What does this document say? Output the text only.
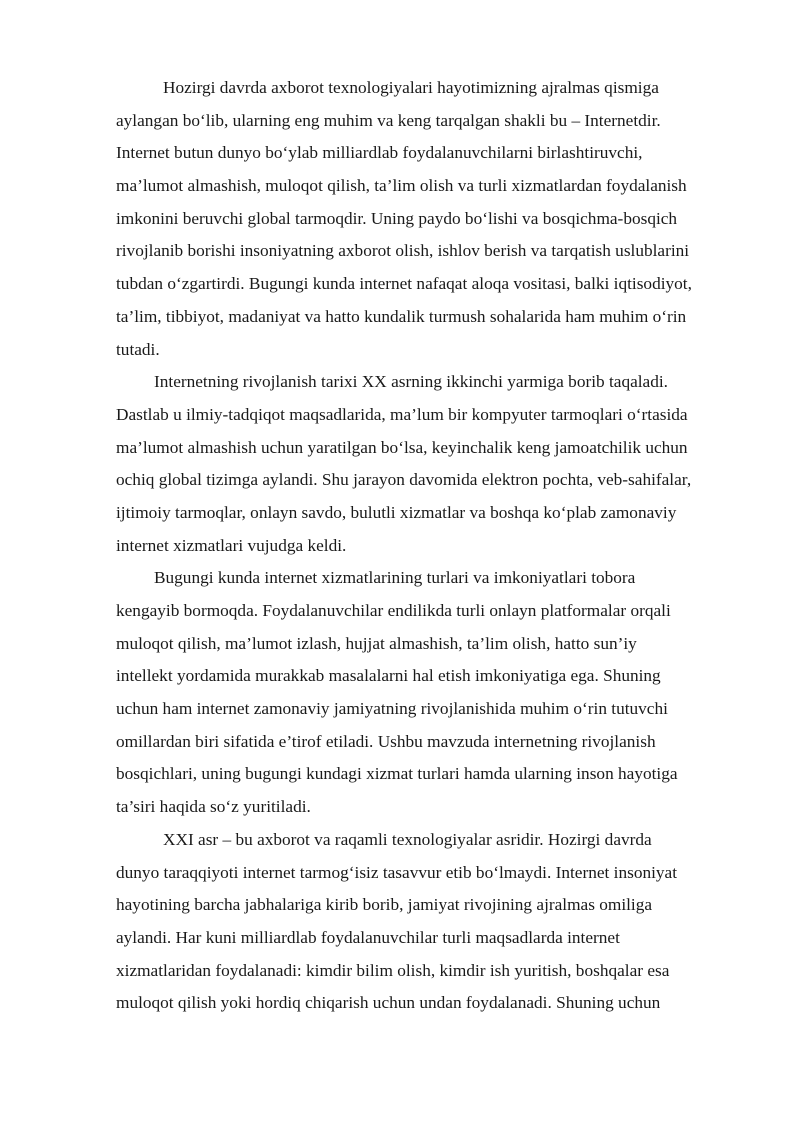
Hozirgi davrda axborot texnologiyalari hayotimizning ajralmas qismiga
aylangan bo‘lib, ularning eng muhim va keng tarqalgan shakli bu – Internetdir.
Internet butun dunyo bo‘ylab milliardlab foydalanuvchilarni birlashtiruvchi,
ma’lumot almashish, muloqot qilish, ta’lim olish va turli xizmatlardan foydalanish
imkonini beruvchi global tarmoqdir. Uning paydo bo‘lishi va bosqichma-bosqich
rivojlanib borishi insoniyatning axborot olish, ishlov berish va tarqatish uslublarini
tubdan o‘zgartirdi. Bugungi kunda internet nafaqat aloqa vositasi, balki iqtisodiyot,
ta’lim, tibbiyot, madaniyat va hatto kundalik turmush sohalarida ham muhim o‘rin
tutadi.
Internetning rivojlanish tarixi XX asrning ikkinchi yarmiga borib taqaladi.
Dastlab u ilmiy-tadqiqot maqsadlarida, ma’lum bir kompyuter tarmoqlari o‘rtasida
ma’lumot almashish uchun yaratilgan bo‘lsa, keyinchalik keng jamoatchilik uchun
ochiq global tizimga aylandi. Shu jarayon davomida elektron pochta, veb-sahifalar,
ijtimoiy tarmoqlar, onlayn savdo, bulutli xizmatlar va boshqa ko‘plab zamonaviy
internet xizmatlari vujudga keldi.
Bugungi kunda internet xizmatlarining turlari va imkoniyatlari tobora
kengayib bormoqda. Foydalanuvchilar endilikda turli onlayn platformalar orqali
muloqot qilish, ma’lumot izlash, hujjat almashish, ta’lim olish, hatto sun’iy
intellekt yordamida murakkab masalalarni hal etish imkoniyatiga ega. Shuning
uchun ham internet zamonaviy jamiyatning rivojlanishida muhim o‘rin tutuvchi
omillardan biri sifatida e’tirof etiladi. Ushbu mavzuda internetning rivojlanish
bosqichlari, uning bugungi kundagi xizmat turlari hamda ularning inson hayotiga
ta’siri haqida so‘z yuritiladi.
XXI asr – bu axborot va raqamli texnologiyalar asridir. Hozirgi davrda
dunyo taraqqiyoti internet tarmog‘isiz tasavvur etib bo‘lmaydi. Internet insoniyat
hayotining barcha jabhalariga kirib borib, jamiyat rivojining ajralmas omiliga
aylandi. Har kuni milliardlab foydalanuvchilar turli maqsadlarda internet
xizmatlaridan foydalanadi: kimdir bilim olish, kimdir ish yuritish, boshqalar esa
muloqot qilish yoki hordiq chiqarish uchun undan foydalanadi. Shuning uchun
